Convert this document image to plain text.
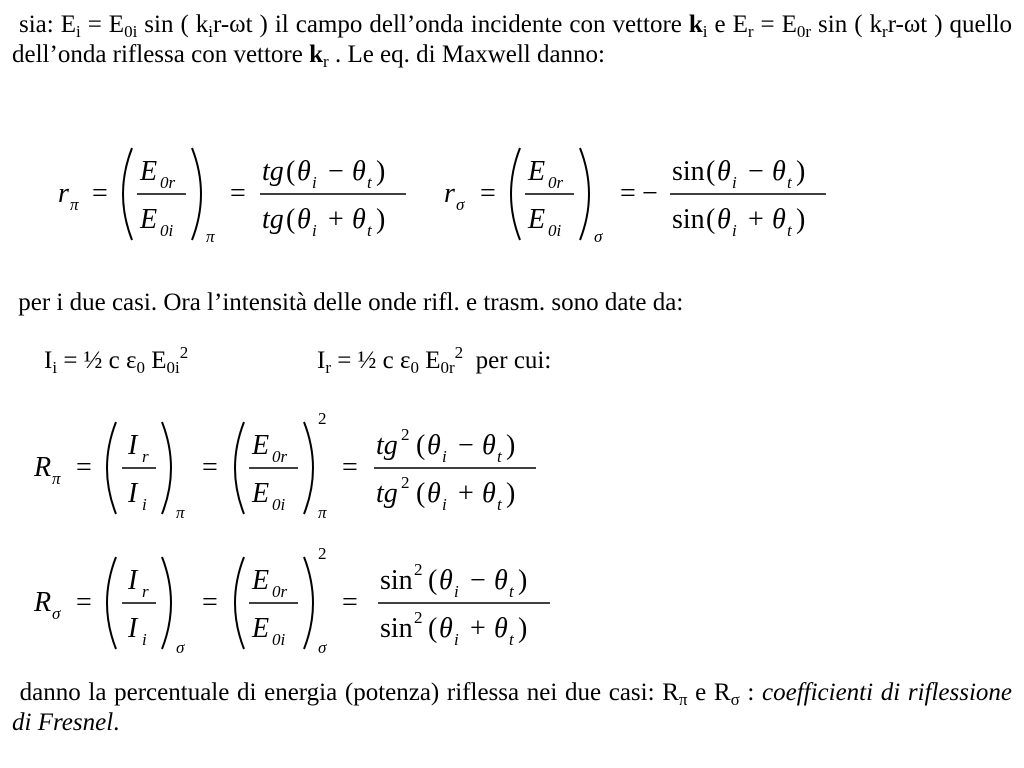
sia: $E_i = E_{0i}$ sin ( $k_ir-\omega t$ ) il campo dell’onda incidente con vettore $k_i$ e $E_r = E_{0r}$ sin ( $k_rr-\omega t$ ) quello dell’onda riflessa con vettore $k_r$ . Le eq. di Maxwell danno:
r π =
E 0r
E 0i π
=
tg ( θ i − θ t )
tg ( θ i + θ t )
r σ =
E 0r
E 0i σ
= −
sin ( θ i − θ t )
sin ( θ i + θ t )
per i due casi. Ora l’intensità delle onde rifl. e trasm. sono date da:
$I_i$ = ½ c $\varepsilon_0$ $E_{0i}^2$	$I_r$ = ½ c $\varepsilon_0$ $E_{0r}^2$  per cui:
R π =
I r
I i π
=
E 0r
E 0i
2
π
=
tg 2 ( θ i − θ t )
tg 2 ( θ i + θ t )
R σ =
I r
I i σ
=
E 0r
E 0i
2
σ
=
sin 2 ( θ i − θ t )
sin 2 ( θ i + θ t )
danno la percentuale di energia (potenza) riflessa nei due casi: $R_\pi$ e $R_\sigma$ : coefficienti di riflessione di Fresnel.
